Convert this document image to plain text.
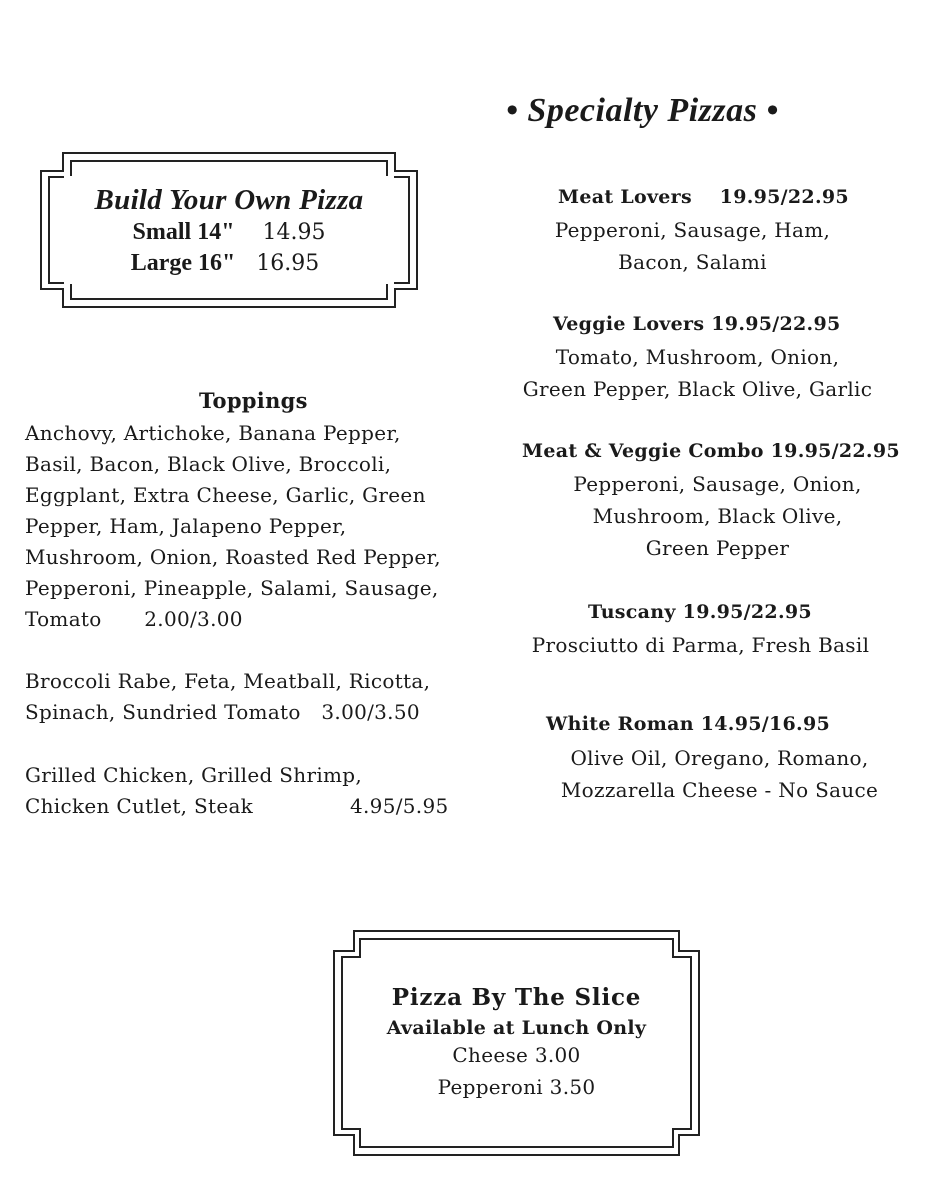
Build Your Own Pizza
Small 14" 14.95
Large 16" 16.95
Toppings
Anchovy, Artichoke, Banana Pepper,
Basil, Bacon, Black Olive, Broccoli,
Eggplant, Extra Cheese, Garlic, Green
Pepper, Ham, Jalapeno Pepper,
Mushroom, Onion, Roasted Red Pepper,
Pepperoni, Pineapple, Salami, Sausage,
Tomato 2.00/3.00
Broccoli Rabe, Feta, Meatball, Ricotta,
Spinach, Sundried Tomato 3.00/3.50
Grilled Chicken, Grilled Shrimp,
Chicken Cutlet, Steak	4.95/5.95
• Specialty Pizzas •
Meat Lovers 19.95/22.95
Pepperoni, Sausage, Ham,
Bacon, Salami
Veggie Lovers 19.95/22.95
Tomato, Mushroom, Onion,
Green Pepper, Black Olive, Garlic
Meat & Veggie Combo 19.95/22.95
Pepperoni, Sausage, Onion,
Mushroom, Black Olive,
Green Pepper
Tuscany 19.95/22.95
Prosciutto di Parma, Fresh Basil
White Roman 14.95/16.95
Olive Oil, Oregano, Romano,
Mozzarella Cheese - No Sauce
Pizza By The Slice
Available at Lunch Only
Cheese 3.00
Pepperoni 3.50
